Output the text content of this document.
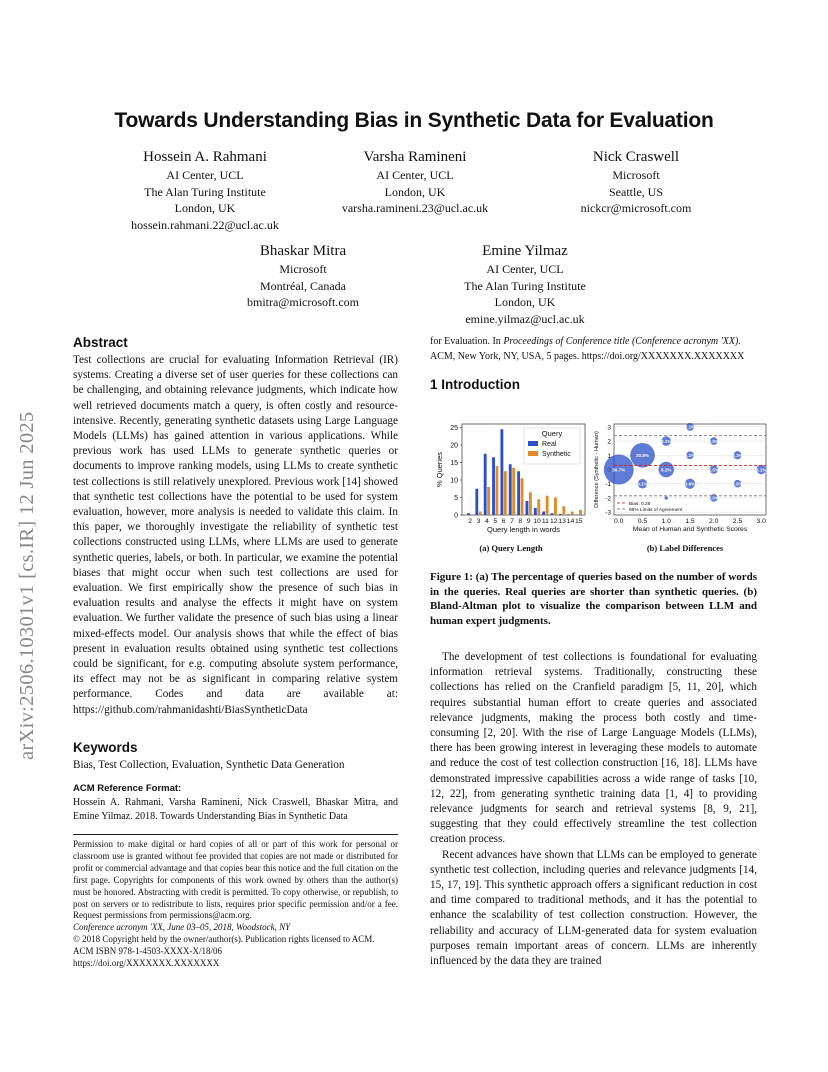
Towards Understanding Bias in Synthetic Data for Evaluation
Hossein A. Rahmani
AI Center, UCL
The Alan Turing Institute
London, UK
hossein.rahmani.22@ucl.ac.uk
Varsha Ramineni
AI Center, UCL
London, UK
varsha.ramineni.23@ucl.ac.uk
Nick Craswell
Microsoft
Seattle, US
nickcr@microsoft.com
Bhaskar Mitra
Microsoft
Montréal, Canada
bmitra@microsoft.com
Emine Yilmaz
AI Center, UCL
The Alan Turing Institute
London, UK
emine.yilmaz@ucl.ac.uk
arXiv:2506.10301v1 [cs.IR] 12 Jun 2025
Abstract
Test collections are crucial for evaluating Information Retrieval (IR) systems. Creating a diverse set of user queries for these collections can be challenging, and obtaining relevance judgments, which indicate how well retrieved documents match a query, is often costly and resource-intensive. Recently, generating synthetic datasets using Large Language Models (LLMs) has gained attention in various applications. While previous work has used LLMs to generate synthetic queries or documents to improve ranking models, using LLMs to create synthetic test collections is still relatively unexplored. Previous work [14] showed that synthetic test collections have the potential to be used for system evaluation, however, more analysis is needed to validate this claim. In this paper, we thoroughly investigate the reliability of synthetic test collections constructed using LLMs, where LLMs are used to generate synthetic queries, labels, or both. In particular, we examine the potential biases that might occur when such test collections are used for evaluation. We first empirically show the presence of such bias in evaluation results and analyse the effects it might have on system evaluation. We further validate the presence of such bias using a linear mixed-effects model. Our analysis shows that while the effect of bias present in evaluation results obtained using synthetic test collections could be significant, for e.g. computing absolute system performance, its effect may not be as significant in comparing relative system performance. Codes and data are available at: https://github.com/rahmanidashti/BiasSyntheticData
Keywords
Bias, Test Collection, Evaluation, Synthetic Data Generation
ACM Reference Format:
Hossein A. Rahmani, Varsha Ramineni, Nick Craswell, Bhaskar Mitra, and Emine Yilmaz. 2018. Towards Understanding Bias in Synthetic Data
Permission to make digital or hard copies of all or part of this work for personal or classroom use is granted without fee provided that copies are not made or distributed for profit or commercial advantage and that copies bear this notice and the full citation on the first page. Copyrights for components of this work owned by others than the author(s) must be honored. Abstracting with credit is permitted. To copy otherwise, or republish, to post on servers or to redistribute to lists, requires prior specific permission and/or a fee. Request permissions from permissions@acm.org.
Conference acronym 'XX, June 03–05, 2018, Woodstock, NY
© 2018 Copyright held by the owner/author(s). Publication rights licensed to ACM.
ACM ISBN 978-1-4503-XXXX-X/18/06
https://doi.org/XXXXXXX.XXXXXXX
for Evaluation. In Proceedings of Conference title (Conference acronym 'XX). ACM, New York, NY, USA, 5 pages. https://doi.org/XXXXXXX.XXXXXXX
1 Introduction
0
5
10
15
20
25
2 3 4 5 6 7 8 9 10 11 12 13 14 15
Query length in words
% Queries
Query
Real
Synthetic
(a) Query Length
-3
-2
-1
1
2
3
0.0 0.5 1.0 1.5 2.0 2.5 3.0
30.7%
20.8%
8.2%
3.1%
2.1%
2.1%
3.1%	3.6%
2.0%
2.5%
2.3%
2.0%
2.0%
3.1%
Bias: 0.28
95% Limits of Agreement
Mean of Human and Synthetic Scores
Difference (Synthetic - Human)
(b) Label Differences
Figure 1: (a) The percentage of queries based on the number of words in the queries. Real queries are shorter than synthetic queries. (b) Bland-Altman plot to visualize the comparison between LLM and human expert judgments.

The development of test collections is foundational for evaluating information retrieval systems. Traditionally, constructing these collections has relied on the Cranfield paradigm [5, 11, 20], which requires substantial human effort to create queries and associated relevance judgments, making the process both costly and time-consuming [2, 20]. With the rise of Large Language Models (LLMs), there has been growing interest in leveraging these models to automate and reduce the cost of test collection construction [16, 18]. LLMs have demonstrated impressive capabilities across a wide range of tasks [10, 12, 22], from generating synthetic training data [1, 4] to providing relevance judgments for search and retrieval systems [8, 9, 21], suggesting that they could effectively streamline the test collection creation process.

Recent advances have shown that LLMs can be employed to generate synthetic test collection, including queries and relevance judgments [14, 15, 17, 19]. This synthetic approach offers a significant reduction in cost and time compared to traditional methods, and it has the potential to enhance the scalability of test collection construction. However, the reliability and accuracy of LLM-generated data for system evaluation purposes remain important areas of concern. LLMs are inherently influenced by the data they are trained
